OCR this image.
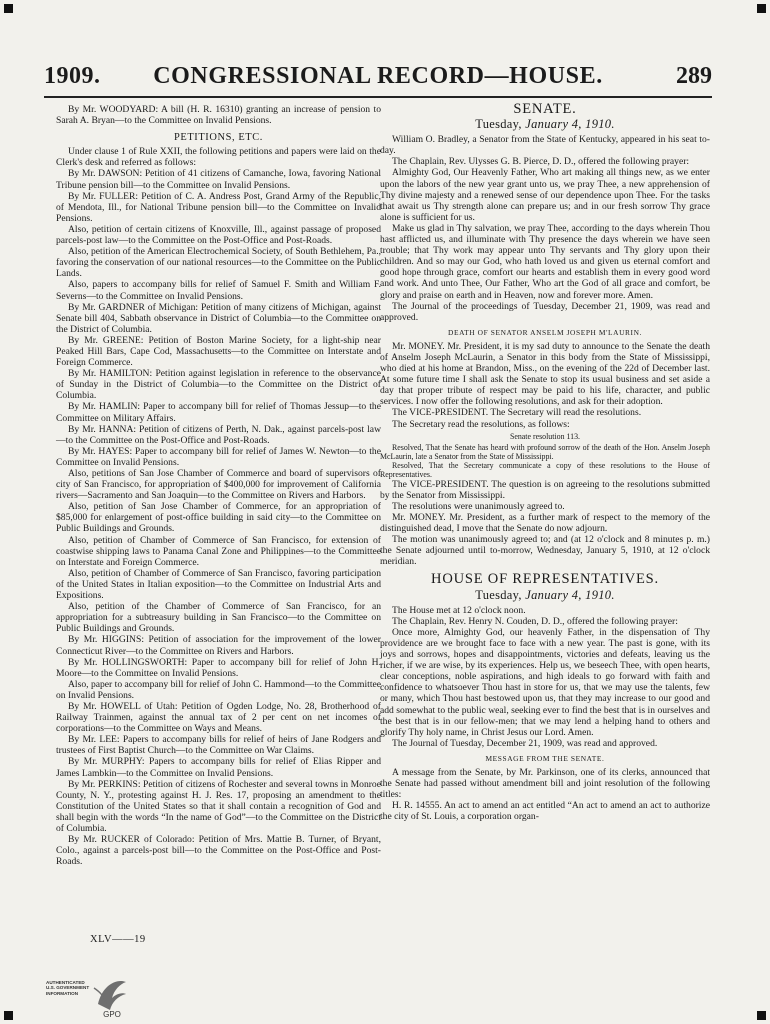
CONGRESSIONAL RECORD—HOUSE.
1909.	289

By Mr. WOODYARD: A bill (H. R. 16310) granting an increase of pension to Sarah A. Bryan—to the Committee on Invalid Pensions.

PETITIONS, ETC.

Under clause 1 of Rule XXII, the following petitions and papers were laid on the Clerk's desk and referred as follows:

By Mr. DAWSON: Petition of 41 citizens of Camanche, Iowa, favoring National Tribune pension bill—to the Committee on Invalid Pensions.

By Mr. FULLER: Petition of C. A. Andress Post, Grand Army of the Republic, of Mendota, Ill., for National Tribune pension bill—to the Committee on Invalid Pensions.

Also, petition of certain citizens of Knoxville, Ill., against passage of proposed parcels-post law—to the Committee on the Post-Office and Post-Roads.

Also, petition of the American Electrochemical Society, of South Bethlehem, Pa., favoring the conservation of our national resources—to the Committee on the Public Lands.

Also, papers to accompany bills for relief of Samuel F. Smith and William F. Severns—to the Committee on Invalid Pensions.

By Mr. GARDNER of Michigan: Petition of many citizens of Michigan, against Senate bill 404, Sabbath observance in District of Columbia—to the Committee on the District of Columbia.

By Mr. GREENE: Petition of Boston Marine Society, for a light-ship near Peaked Hill Bars, Cape Cod, Massachusetts—to the Committee on Interstate and Foreign Commerce.

By Mr. HAMILTON: Petition against legislation in reference to the observance of Sunday in the District of Columbia—to the Committee on the District of Columbia.

By Mr. HAMLIN: Paper to accompany bill for relief of Thomas Jessup—to the Committee on Military Affairs.

By Mr. HANNA: Petition of citizens of Perth, N. Dak., against parcels-post law—to the Committee on the Post-Office and Post-Roads.

By Mr. HAYES: Paper to accompany bill for relief of James W. Newton—to the Committee on Invalid Pensions.

Also, petitions of San Jose Chamber of Commerce and board of supervisors of city of San Francisco, for appropriation of $400,000 for improvement of California rivers—Sacramento and San Joaquin—to the Committee on Rivers and Harbors.

Also, petition of San Jose Chamber of Commerce, for an appropriation of $85,000 for enlargement of post-office building in said city—to the Committee on Public Buildings and Grounds.

Also, petition of Chamber of Commerce of San Francisco, for extension of coastwise shipping laws to Panama Canal Zone and Philippines—to the Committee on Interstate and Foreign Commerce.

Also, petition of Chamber of Commerce of San Francisco, favoring participation of the United States in Italian exposition—to the Committee on Industrial Arts and Expositions.

Also, petition of the Chamber of Commerce of San Francisco, for an appropriation for a subtreasury building in San Francisco—to the Committee on Public Buildings and Grounds.

By Mr. HIGGINS: Petition of association for the improvement of the lower Connecticut River—to the Committee on Rivers and Harbors.

By Mr. HOLLINGSWORTH: Paper to accompany bill for relief of John H. Moore—to the Committee on Invalid Pensions.

Also, paper to accompany bill for relief of John C. Hammond—to the Committee on Invalid Pensions.

By Mr. HOWELL of Utah: Petition of Ogden Lodge, No. 28, Brotherhood of Railway Trainmen, against the annual tax of 2 per cent on net incomes of corporations—to the Committee on Ways and Means.

By Mr. LEE: Papers to accompany bills for relief of heirs of Jane Rodgers and trustees of First Baptist Church—to the Committee on War Claims.

By Mr. MURPHY: Papers to accompany bills for relief of Elias Ripper and James Lambkin—to the Committee on Invalid Pensions.

By Mr. PERKINS: Petition of citizens of Rochester and several towns in Monroe County, N. Y., protesting against H. J. Res. 17, proposing an amendment to the Constitution of the United States so that it shall contain a recognition of God and shall begin with the words “In the name of God”—to the Committee on the District of Columbia.

By Mr. RUCKER of Colorado: Petition of Mrs. Mattie B. Turner, of Bryant, Colo., against a parcels-post bill—to the Committee on the Post-Office and Post-Roads.

SENATE.
Tuesday, January 4, 1910.

William O. Bradley, a Senator from the State of Kentucky, appeared in his seat to-day.

The Chaplain, Rev. Ulysses G. B. Pierce, D. D., offered the following prayer:

Almighty God, Our Heavenly Father, Who art making all things new, as we enter upon the labors of the new year grant unto us, we pray Thee, a new apprehension of Thy divine majesty and a renewed sense of our dependence upon Thee. For the tasks that await us Thy strength alone can prepare us; and in our fresh sorrow Thy grace alone is sufficient for us.

Make us glad in Thy salvation, we pray Thee, according to the days wherein Thou hast afflicted us, and illuminate with Thy presence the days wherein we have seen trouble; that Thy work may appear unto Thy servants and Thy glory upon their children. And so may our God, who hath loved us and given us eternal comfort and good hope through grace, comfort our hearts and establish them in every good word and work. And unto Thee, Our Father, Who art the God of all grace and comfort, be glory and praise on earth and in Heaven, now and forever more. Amen.

The Journal of the proceedings of Tuesday, December 21, 1909, was read and approved.

DEATH OF SENATOR ANSELM JOSEPH M'LAURIN.

Mr. MONEY. Mr. President, it is my sad duty to announce to the Senate the death of Anselm Joseph McLaurin, a Senator in this body from the State of Mississippi, who died at his home at Brandon, Miss., on the evening of the 22d of December last. At some future time I shall ask the Senate to stop its usual business and set aside a day that proper tribute of respect may be paid to his life, character, and public services. I now offer the following resolutions, and ask for their adoption.

The VICE-PRESIDENT. The Secretary will read the resolutions.

The Secretary read the resolutions, as follows:

Senate resolution 113.

Resolved, That the Senate has heard with profound sorrow of the death of the Hon. Anselm Joseph McLaurin, late a Senator from the State of Mississippi.

Resolved, That the Secretary communicate a copy of these resolutions to the House of Representatives.

The VICE-PRESIDENT. The question is on agreeing to the resolutions submitted by the Senator from Mississippi.

The resolutions were unanimously agreed to.

Mr. MONEY. Mr. President, as a further mark of respect to the memory of the distinguished dead, I move that the Senate do now adjourn.

The motion was unanimously agreed to; and (at 12 o'clock and 8 minutes p. m.) the Senate adjourned until to-morrow, Wednesday, January 5, 1910, at 12 o'clock meridian.

HOUSE OF REPRESENTATIVES.
Tuesday, January 4, 1910.

The House met at 12 o'clock noon.

The Chaplain, Rev. Henry N. Couden, D. D., offered the following prayer:

Once more, Almighty God, our heavenly Father, in the dispensation of Thy providence are we brought face to face with a new year. The past is gone, with its joys and sorrows, hopes and disappointments, victories and defeats, leaving us the richer, if we are wise, by its experiences. Help us, we beseech Thee, with open hearts, clear conceptions, noble aspirations, and high ideals to go forward with faith and confidence to whatsoever Thou hast in store for us, that we may use the talents, few or many, which Thou hast bestowed upon us, that they may increase to our good and add somewhat to the public weal, seeking ever to find the best that is in ourselves and the best that is in our fellow-men; that we may lend a helping hand to others and glorify Thy holy name, in Christ Jesus our Lord. Amen.

The Journal of Tuesday, December 21, 1909, was read and approved.

MESSAGE FROM THE SENATE.

A message from the Senate, by Mr. Parkinson, one of its clerks, announced that the Senate had passed without amendment bill and joint resolution of the following titles:

H. R. 14555. An act to amend an act entitled “An act to amend an act to authorize the city of St. Louis, a corporation organ-

XLV——19
AUTHENTICATED
U.S. GOVERNMENT
INFORMATION
GPO
